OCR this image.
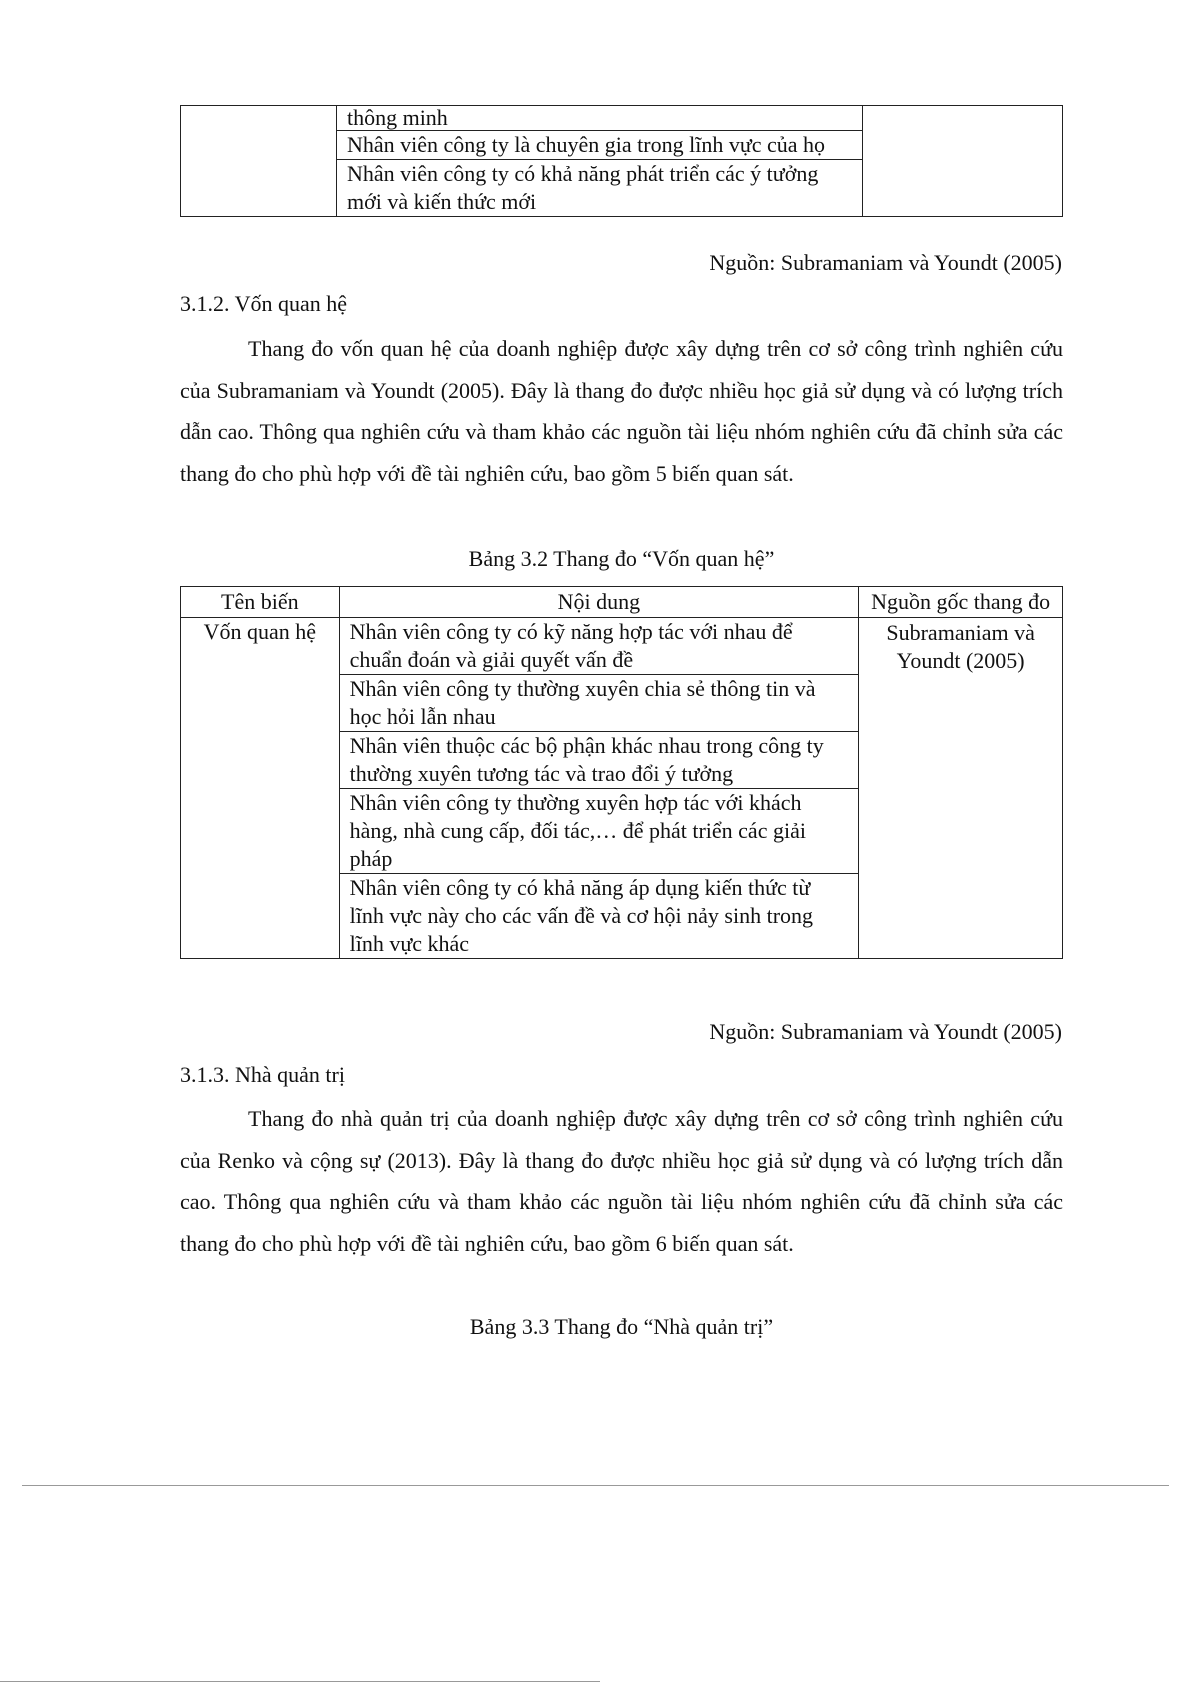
	thông minh	
Nhân viên công ty là chuyên gia trong lĩnh vực của họ
Nhân viên công ty có khả năng phát triển các ý tưởng mới và kiến thức mới
Nguồn: Subramaniam và Youndt (2005)
3.1.2. Vốn quan hệ

Thang đo vốn quan hệ của doanh nghiệp được xây dựng trên cơ sở công trình nghiên cứu của Subramaniam và Youndt (2005). Đây là thang đo được nhiều học giả sử dụng và có lượng trích dẫn cao. Thông qua nghiên cứu và tham khảo các nguồn tài liệu nhóm nghiên cứu đã chỉnh sửa các thang đo cho phù hợp với đề tài nghiên cứu, bao gồm 5 biến quan sát.

Bảng 3.2 Thang đo “Vốn quan hệ”
Tên biến	Nội dung	Nguồn gốc thang đo
Vốn quan hệ	Nhân viên công ty có kỹ năng hợp tác với nhau để chuẩn đoán và giải quyết vấn đề	Subramaniam và Youndt (2005)
	Nhân viên công ty thường xuyên chia sẻ thông tin và học hỏi lẫn nhau	
	Nhân viên thuộc các bộ phận khác nhau trong công ty thường xuyên tương tác và trao đổi ý tưởng	
	Nhân viên công ty thường xuyên hợp tác với khách hàng, nhà cung cấp, đối tác,… để phát triển các giải pháp	
	Nhân viên công ty có khả năng áp dụng kiến thức từ lĩnh vực này cho các vấn đề và cơ hội nảy sinh trong lĩnh vực khác	
Nguồn: Subramaniam và Youndt (2005)
3.1.3. Nhà quản trị

Thang đo nhà quản trị của doanh nghiệp được xây dựng trên cơ sở công trình nghiên cứu của Renko và cộng sự (2013). Đây là thang đo được nhiều học giả sử dụng và có lượng trích dẫn cao. Thông qua nghiên cứu và tham khảo các nguồn tài liệu nhóm nghiên cứu đã chỉnh sửa các thang đo cho phù hợp với đề tài nghiên cứu, bao gồm 6 biến quan sát.

Bảng 3.3 Thang đo “Nhà quản trị”
